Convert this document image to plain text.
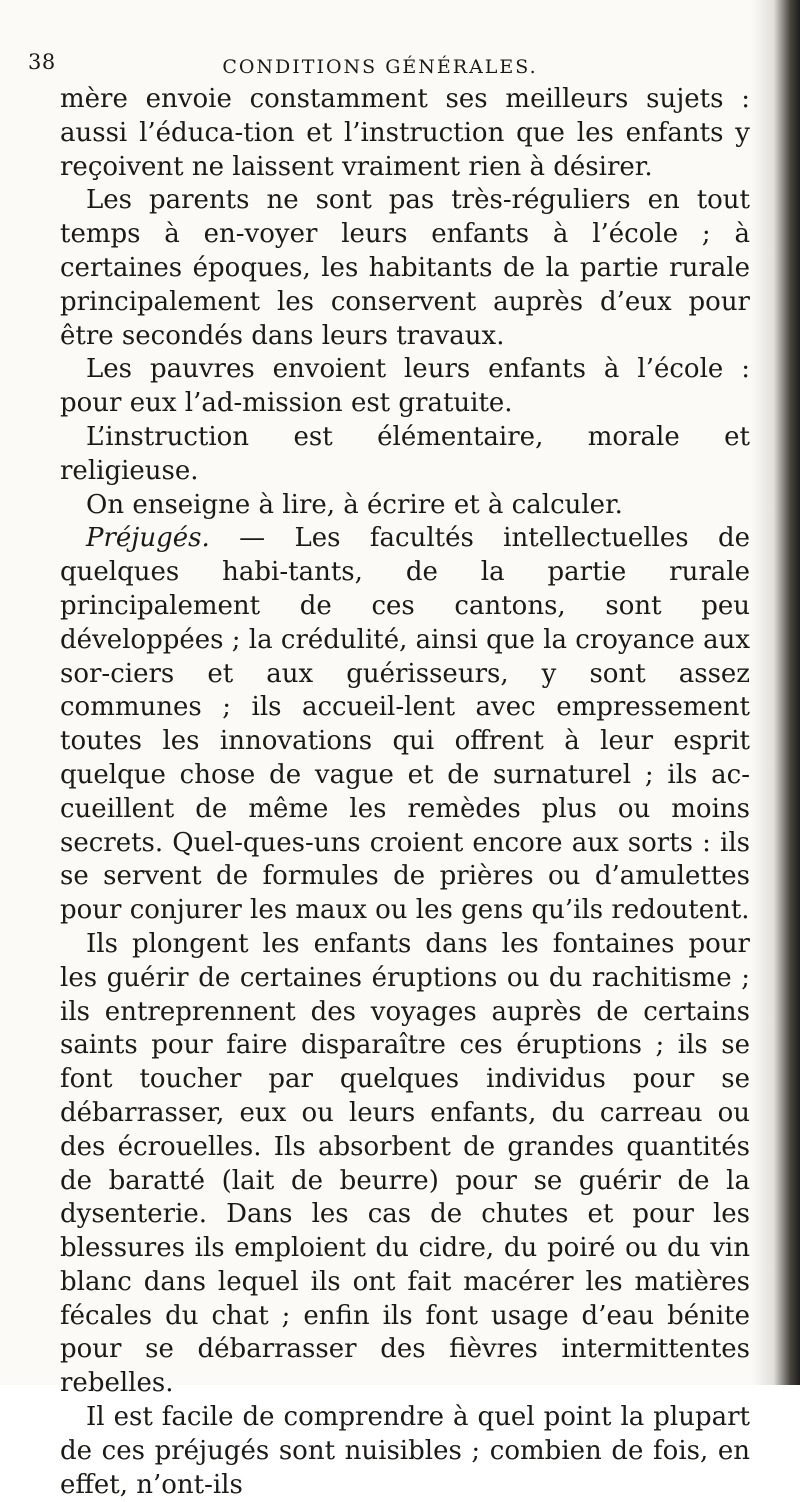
38	CONDITIONS GÉNÉRALES.

mère envoie constamment ses meilleurs sujets : aussi l’éduca-tion et l’instruction que les enfants y reçoivent ne laissent vraiment rien à désirer.

Les parents ne sont pas très-réguliers en tout temps à en-voyer leurs enfants à l’école ; à certaines époques, les habitants de la partie rurale principalement les conservent auprès d’eux pour être secondés dans leurs travaux.

Les pauvres envoient leurs enfants à l’école : pour eux l’ad-mission est gratuite.

L’instruction est élémentaire, morale et religieuse.

On enseigne à lire, à écrire et à calculer.

Préjugés. — Les facultés intellectuelles de quelques habi-tants, de la partie rurale principalement de ces cantons, sont peu développées ; la crédulité, ainsi que la croyance aux sor-ciers et aux guérisseurs, y sont assez communes ; ils accueil-lent avec empressement toutes les innovations qui offrent à leur esprit quelque chose de vague et de surnaturel ; ils ac-cueillent de même les remèdes plus ou moins secrets. Quel-ques-uns croient encore aux sorts : ils se servent de formules de prières ou d’amulettes pour conjurer les maux ou les gens qu’ils redoutent.

Ils plongent les enfants dans les fontaines pour les guérir de certaines éruptions ou du rachitisme ; ils entreprennent des voyages auprès de certains saints pour faire disparaître ces éruptions ; ils se font toucher par quelques individus pour se débarrasser, eux ou leurs enfants, du carreau ou des écrouelles. Ils absorbent de grandes quantités de baratté (lait de beurre) pour se guérir de la dysenterie. Dans les cas de chutes et pour les blessures ils emploient du cidre, du poiré ou du vin blanc dans lequel ils ont fait macérer les matières fécales du chat ; enfin ils font usage d’eau bénite pour se débarrasser des fièvres intermittentes rebelles.

Il est facile de comprendre à quel point la plupart de ces préjugés sont nuisibles ; combien de fois, en effet, n’ont-ils
